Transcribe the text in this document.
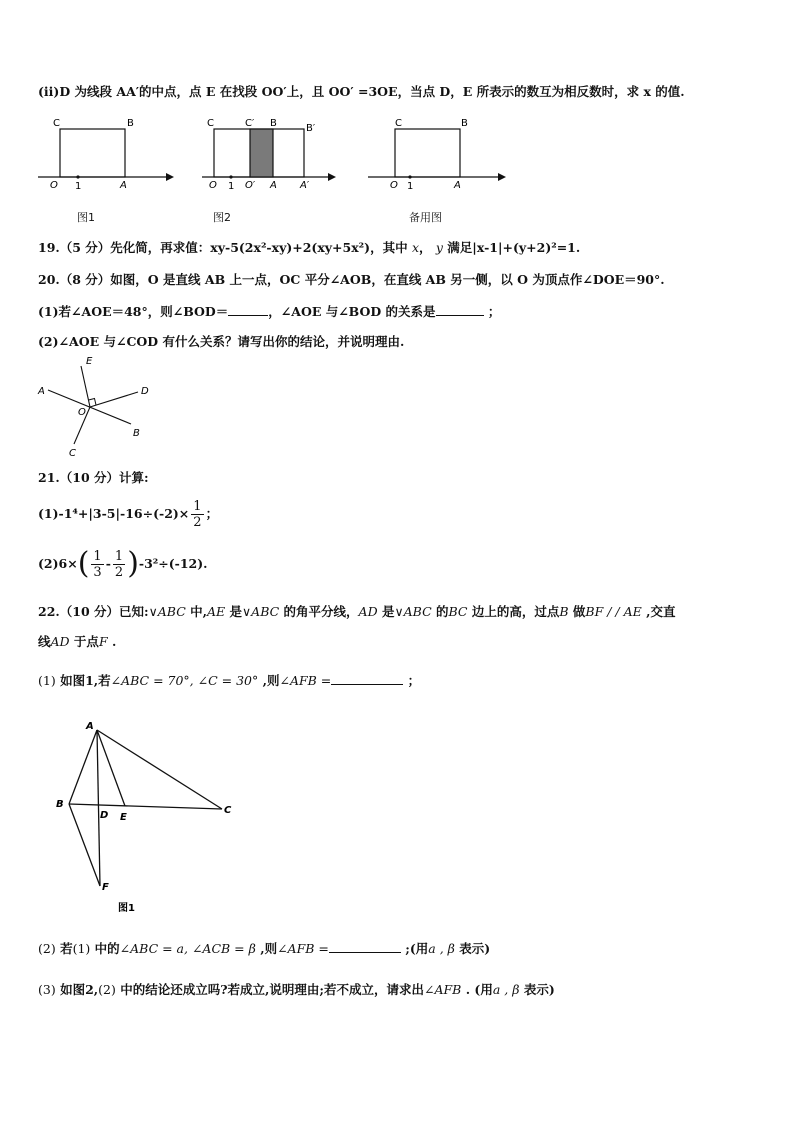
(ⅱ)D 为线段 AA′的中点，点 E 在找段 OO′上，且 OO′ =3OE，当点 D，E 所表示的数互为相反数时，求 x 的值.
C	B
O 1	A
图1
C	C′ B	B′
O 1 O′ A A′
图2
C	B
O 1	A
备用图
19.（5 分）先化简，再求值：xy-5(2x²-xy)+2(xy+5x²)，其中 x， y 满足|x-1|+(y+2)²=1.
20.（8 分）如图，O 是直线 AB 上一点，OC 平分∠AOB，在直线 AB 另一侧，以 O 为顶点作∠DOE＝90°.
(1)若∠AOE＝48°，则∠BOD＝	，∠AOE 与∠BOD 的关系是	；
(2)∠AOE 与∠COD 有什么关系？请写出你的结论，并说明理由.
E
A	D
O
C
B
21.（10 分）计算:
$(1)-1^4+|3-5|-16\div(-2)\times \frac{1}{2}$ ；
(2)6× ( $\frac{1}{3} - \frac{1}{2}$ ) -3²÷(-12).
22.（10 分）已知:∨ABC 中,AE 是∨ABC 的角平分线，AD 是∨ABC 的BC 边上的高，过点B 做BF / / AE ,交直
线AD 于点F .
(1) 如图1,若∠ABC = 70°, ∠C = 30° ,则∠AFB =	；
A
B
D E
C
F
图1
(2) 若(1) 中的∠ABC = a, ∠ACB = β ,则∠AFB =	;(用a , β 表示)
(3) 如图2,(2) 中的结论还成立吗?若成立,说明理由;若不成立，请求出∠AFB . (用a , β 表示)
